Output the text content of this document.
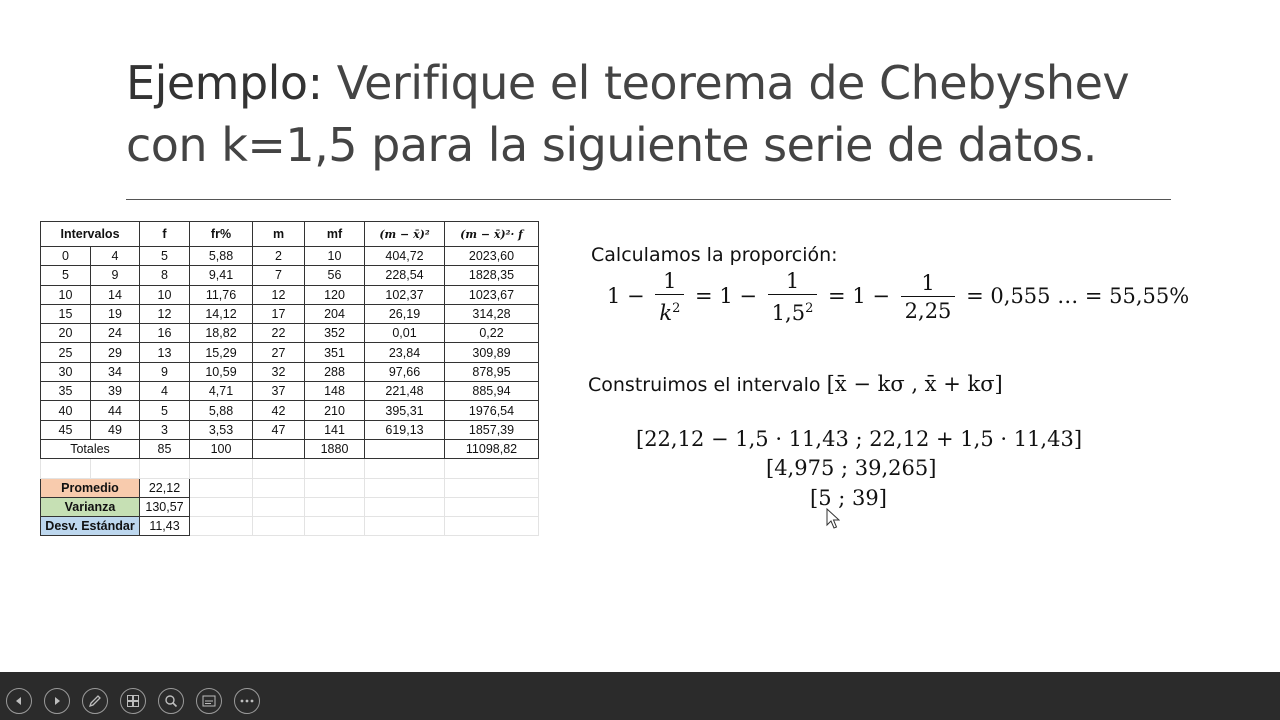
Ejemplo: Verifique el teorema de Chebyshev
con k=1,5 para la siguiente serie de datos.
Intervalos		f	fr%	m	mf	(m − x̄)²	(m − x̄)²· f
0	4	5	5,88	2	10	404,72	2023,60
5	9	8	9,41	7	56	228,54	1828,35
10	14	10	11,76	12	120	102,37	1023,67
15	19	12	14,12	17	204	26,19	314,28
20	24	16	18,82	22	352	0,01	0,22
25	29	13	15,29	27	351	23,84	309,89
30	34	9	10,59	32	288	97,66	878,95
35	39	4	4,71	37	148	221,48	885,94
40	44	5	5,88	42	210	395,31	1976,54
45	49	3	3,53	47	141	619,13	1857,39
Totales		85	100		1880		11098,82

Promedio		22,12					
Varianza		130,57					
Desv. Estándar		11,43					
Calculamos la proporción:
$1 - \frac{1}{k^2} = 1 - \frac{1}{1,5^2} = 1 - \frac{1}{2,25} = 0,555$ … = 55,55%
Construimos el intervalo [x̄ − kσ , x̄ + kσ]
[22,12 − 1,5 · 11,43 ; 22,12 + 1,5 · 11,43]
[4,975 ; 39,265]
[5 ; 39]
